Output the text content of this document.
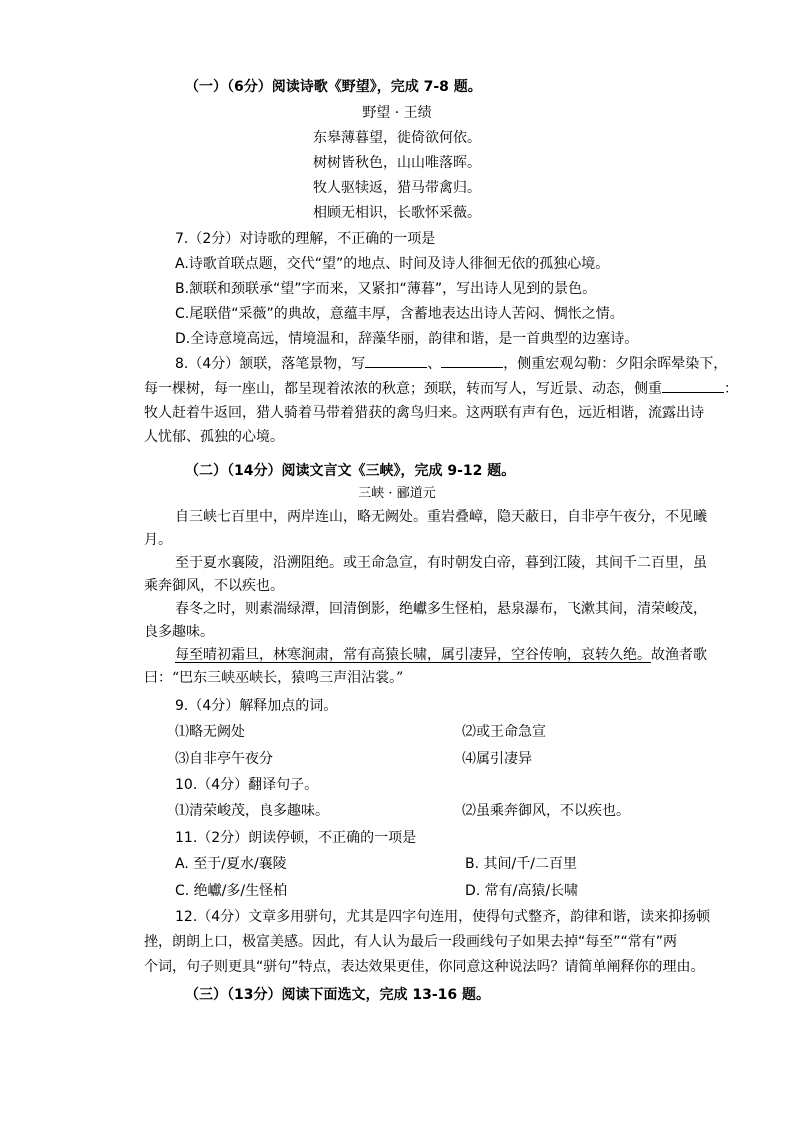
（一）（6分）阅读诗歌《野望》，完成 7-8 题。
野望 · 王绩
东皋薄暮望，徙倚欲何依。
树树皆秋色，山山唯落晖。
牧人驱犊返，猎马带禽归。
相顾无相识，长歌怀采薇。
7.（2分）对诗歌的理解，不正确的一项是
A.诗歌首联点题，交代“望”的地点、时间及诗人徘徊无依的孤独心境。
B.颔联和颈联承“望”字而来，又紧扣“薄暮”，写出诗人见到的景色。
C.尾联借“采薇”的典故，意蕴丰厚，含蓄地表达出诗人苦闷、惆怅之情。
D.全诗意境高远，情境温和，辞藻华丽，韵律和谐，是一首典型的边塞诗。
8.（4分）颔联，落笔景物，写	、	，侧重宏观勾勒：夕阳余晖晕染下，
每一棵树，每一座山，都呈现着浓浓的秋意；颈联，转而写人，写近景、动态，侧重	：
牧人赶着牛返回，猎人骑着马带着猎获的禽鸟归来。这两联有声有色，远近相谐，流露出诗
人忧郁、孤独的心境。
（二）（14分）阅读文言文《三峡》，完成 9-12 题。
三峡 · 郦道元
自三峡七百里中，两岸连山，略无阙处。重岩叠嶂，隐天蔽日，自非亭午夜分，不见曦
月。
至于夏水襄陵，沿溯阻绝。或王命急宣，有时朝发白帝，暮到江陵，其间千二百里，虽
乘奔御风，不以疾也。
春冬之时，则素湍绿潭，回清倒影，绝巘多生怪柏，悬泉瀑布，飞漱其间，清荣峻茂，
良多趣味。
每至晴初霜旦，林寒涧肃，常有高猿长啸，属引凄异，空谷传响，哀转久绝。故渔者歌
曰：“巴东三峡巫峡长，猿鸣三声泪沾裳。”
9.（4分）解释加点的词。
⑴略无阙处	⑵或王命急宣
⑶自非亭午夜分	⑷属引凄异
10.（4分）翻译句子。
⑴清荣峻茂，良多趣味。	⑵虽乘奔御风，不以疾也。
11.（2分）朗读停顿，不正确的一项是
A. 至于/夏水/襄陵	B. 其间/千/二百里
C. 绝巘/多/生怪柏	D. 常有/高猿/长啸
12.（4分）文章多用骈句，尤其是四字句连用，使得句式整齐，韵律和谐，读来抑扬顿
挫，朗朗上口，极富美感。因此，有人认为最后一段画线句子如果去掉“每至”“常有”两
个词，句子则更具“骈句”特点，表达效果更佳，你同意这种说法吗？请简单阐释你的理由。
（三）（13分）阅读下面选文，完成 13-16 题。
